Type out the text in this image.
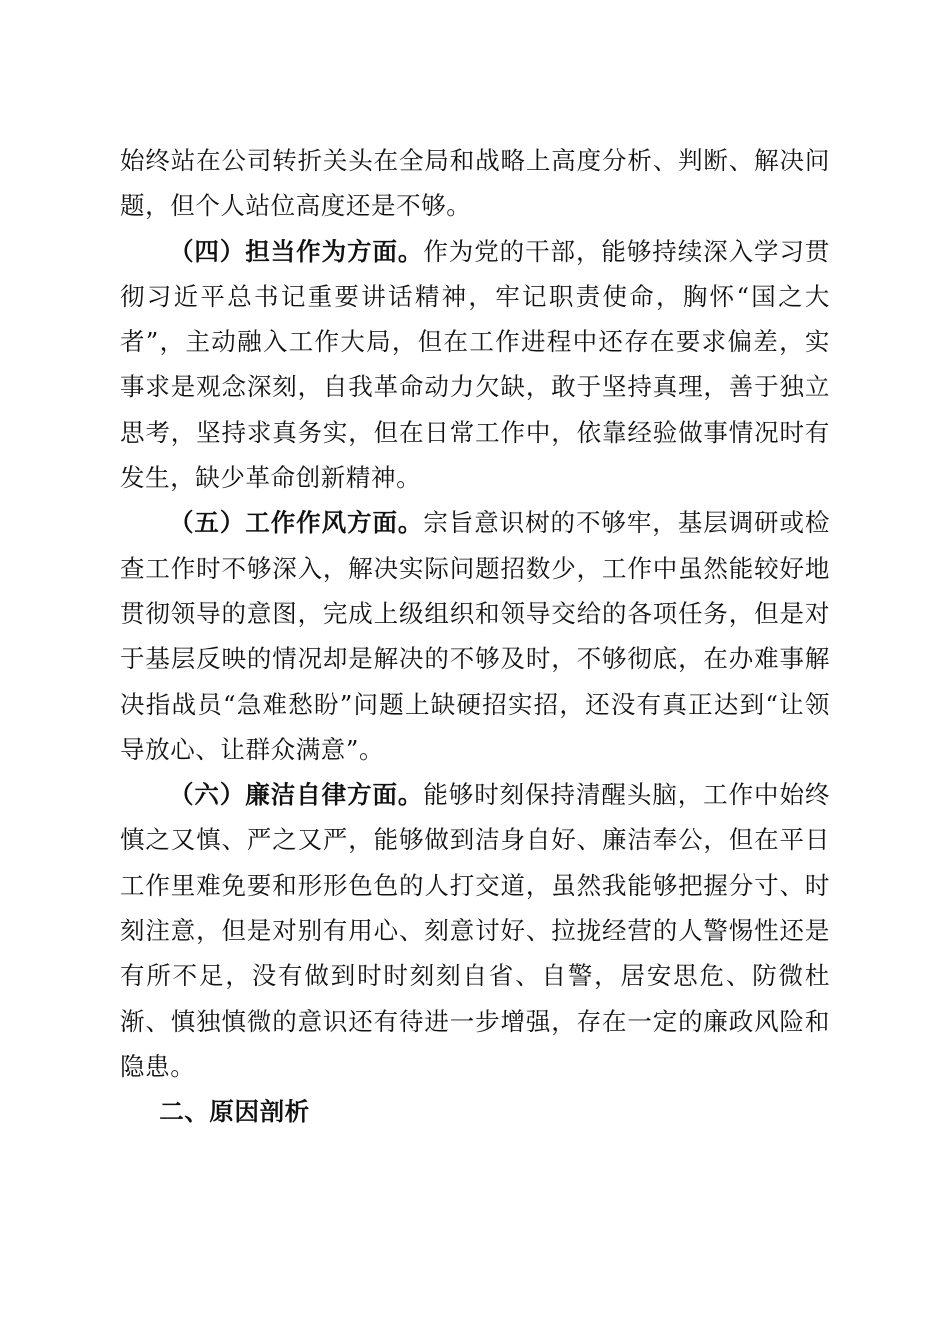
始终站在公司转折关头在全局和战略上高度分析、判断、解决问题，但个人站位高度还是不够。

（四）担当作为方面。作为党的干部，能够持续深入学习贯彻习近平总书记重要讲话精神，牢记职责使命，胸怀“国之大者”，主动融入工作大局，但在工作进程中还存在要求偏差，实事求是观念深刻，自我革命动力欠缺，敢于坚持真理，善于独立思考，坚持求真务实，但在日常工作中，依靠经验做事情况时有发生，缺少革命创新精神。

（五）工作作风方面。宗旨意识树的不够牢，基层调研或检查工作时不够深入，解决实际问题招数少，工作中虽然能较好地贯彻领导的意图，完成上级组织和领导交给的各项任务，但是对于基层反映的情况却是解决的不够及时，不够彻底，在办难事解决指战员“急难愁盼”问题上缺硬招实招，还没有真正达到“让领导放心、让群众满意”。

（六）廉洁自律方面。能够时刻保持清醒头脑，工作中始终慎之又慎、严之又严，能够做到洁身自好、廉洁奉公，但在平日工作里难免要和形形色色的人打交道，虽然我能够把握分寸、时刻注意，但是对别有用心、刻意讨好、拉拢经营的人警惕性还是有所不足，没有做到时时刻刻自省、自警，居安思危、防微杜渐、慎独慎微的意识还有待进一步增强，存在一定的廉政风险和隐患。

二、原因剖析
